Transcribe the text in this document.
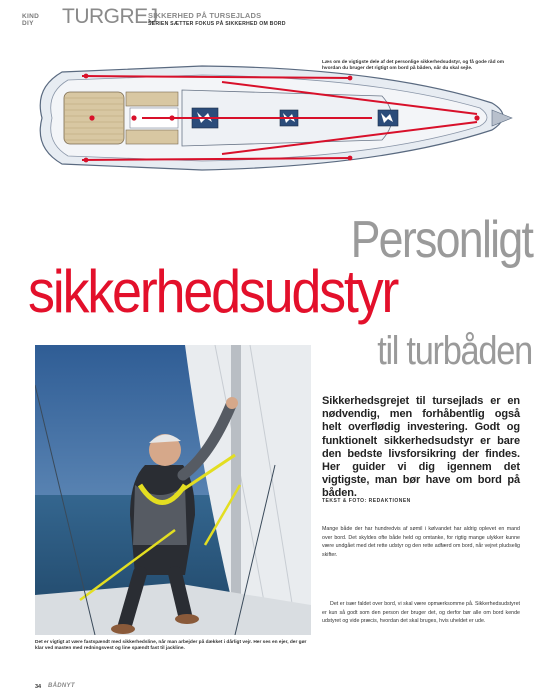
KIND
DIY TURGREJ
SIKKERHED PÅ TURSEJLADS
SERIEN SÆTTER FOKUS PÅ SIKKERHED OM BORD
Læs om de vigtigste dele af det personlige sikkerhedsudstyr, og få gode råd om hvordan du bruger det rigtigt om bord på båden, når du skal sejle.
Personligt
sikkerhedsudstyr
til turbåden
Det er vigtigt at være fastspændt med sikkerhedsline, når man arbejder på dækket i dårligt vejr. Her ses en ejer, der gør klar ved masten med redningsvest og line spændt fast til jackline.
Sikkerhedsgrejet til tursejlads er en nødvendig, men forhåbentlig også helt overflødig investering. Godt og funktionelt sikkerhedsudstyr er bare den bedste livsforsikring der findes. Her guider vi dig igennem det vigtigste, man bør have om bord på båden.
TEKST & FOTO: REDAKTIONEN
Mange både der har hundredvis af sømil i kølvandet har aldrig oplevet en mand over bord. Det skyldes ofte både held og omtanke, for rigtig mange ulykker kunne være undgået med det rette udstyr og den rette adfærd om bord, når vejret pludselig skifter.
Det er især faldet over bord, vi skal være opmærksomme på. Sikkerhedsudstyret er kun så godt som den person der bruger det, og derfor bør alle om bord kende udstyret og vide præcis, hvordan det skal bruges, hvis uheldet er ude.
34 BÅDNYT
